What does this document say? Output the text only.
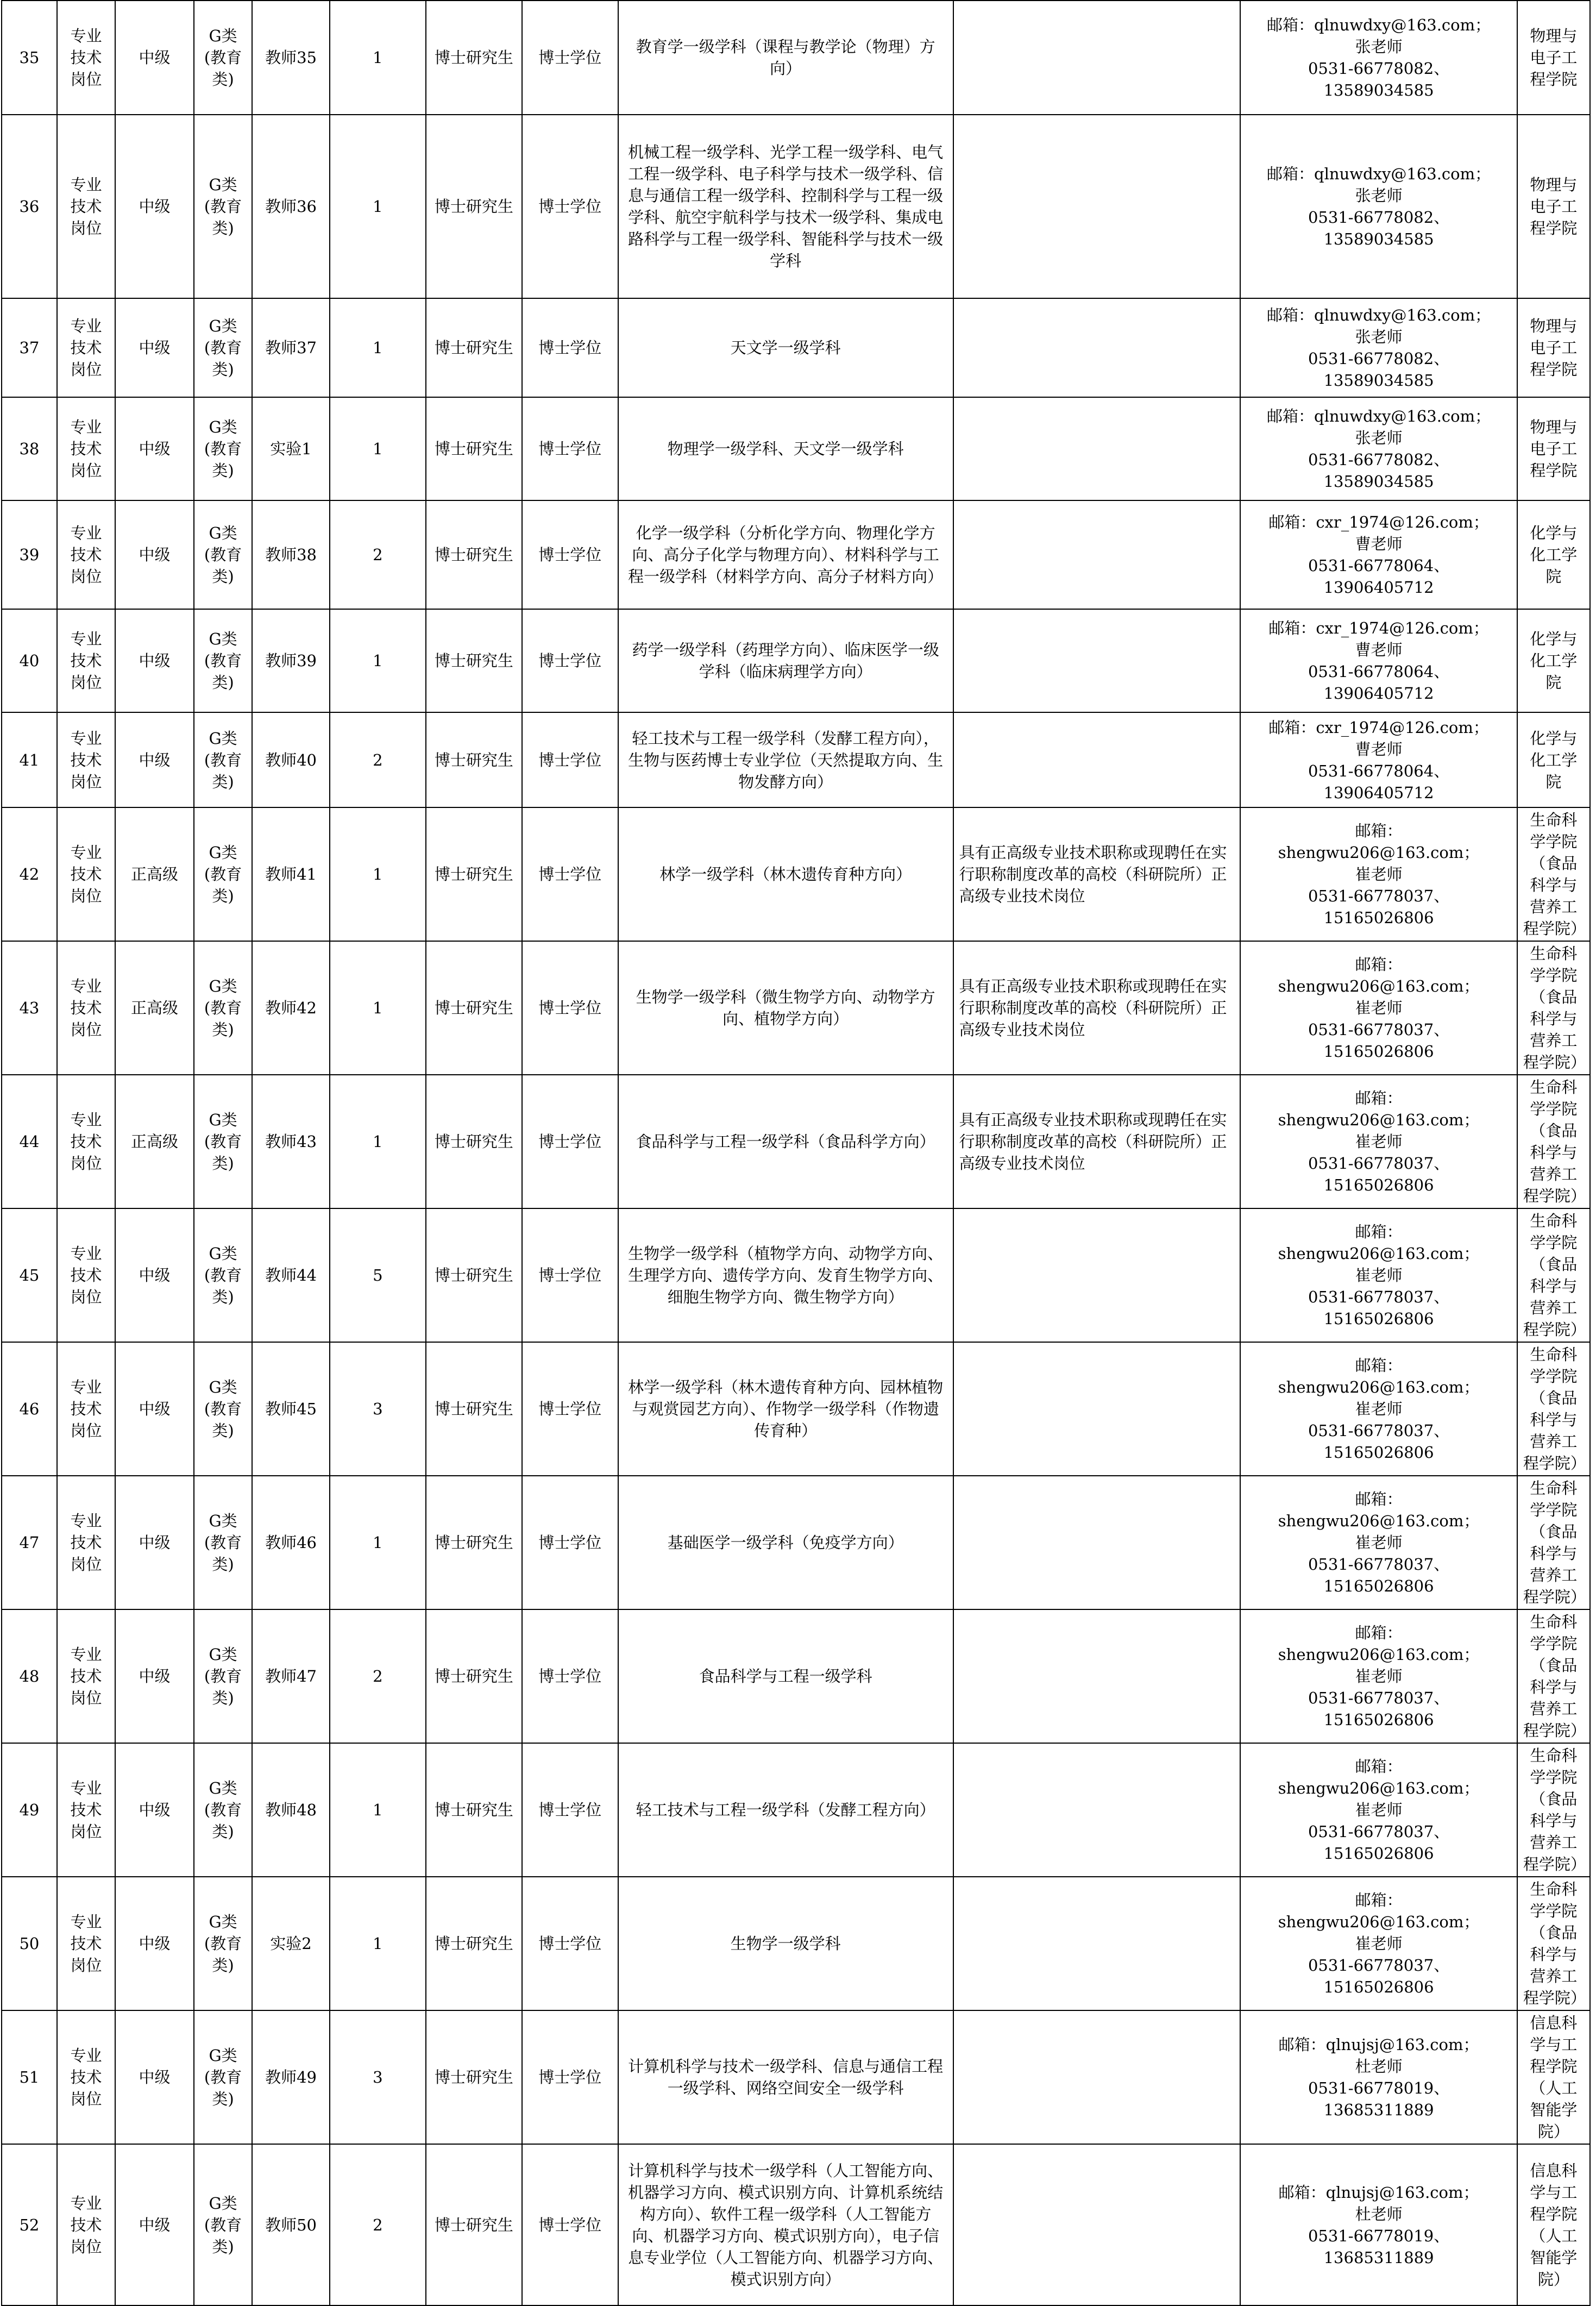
35	专业技术岗位	中级	G类(教育类)	教师35	1	博士研究生	博士学位	教育学一级学科（课程与教学论（物理）方向）		邮箱：qlnuwdxy@163.com；
张老师
0531-66778082、
13589034585	物理与电子工程学院
36	专业技术岗位	中级	G类(教育类)	教师36	1	博士研究生	博士学位	机械工程一级学科、光学工程一级学科、电气工程一级学科、电子科学与技术一级学科、信息与通信工程一级学科、控制科学与工程一级学科、航空宇航科学与技术一级学科、集成电路科学与工程一级学科、智能科学与技术一级学科		邮箱：qlnuwdxy@163.com；
张老师
0531-66778082、
13589034585	物理与电子工程学院
37	专业技术岗位	中级	G类(教育类)	教师37	1	博士研究生	博士学位	天文学一级学科		邮箱：qlnuwdxy@163.com；
张老师
0531-66778082、
13589034585	物理与电子工程学院
38	专业技术岗位	中级	G类(教育类)	实验1	1	博士研究生	博士学位	物理学一级学科、天文学一级学科		邮箱：qlnuwdxy@163.com；
张老师
0531-66778082、
13589034585	物理与电子工程学院
39	专业技术岗位	中级	G类(教育类)	教师38	2	博士研究生	博士学位	化学一级学科（分析化学方向、物理化学方向、高分子化学与物理方向）、材料科学与工程一级学科（材料学方向、高分子材料方向）		邮箱：cxr_1974@126.com；
曹老师
0531-66778064、
13906405712	化学与化工学院
40	专业技术岗位	中级	G类(教育类)	教师39	1	博士研究生	博士学位	药学一级学科（药理学方向）、临床医学一级学科（临床病理学方向）		邮箱：cxr_1974@126.com；
曹老师
0531-66778064、
13906405712	化学与化工学院
41	专业技术岗位	中级	G类(教育类)	教师40	2	博士研究生	博士学位	轻工技术与工程一级学科（发酵工程方向），生物与医药博士专业学位（天然提取方向、生物发酵方向）		邮箱：cxr_1974@126.com；
曹老师
0531-66778064、
13906405712	化学与化工学院
42	专业技术岗位	正高级	G类(教育类)	教师41	1	博士研究生	博士学位	林学一级学科（林木遗传育种方向）	具有正高级专业技术职称或现聘任在实行职称制度改革的高校（科研院所）正高级专业技术岗位	邮箱：
shengwu206@163.com；
崔老师
0531-66778037、
15165026806	生命科学学院（食品科学与营养工程学院）
43	专业技术岗位	正高级	G类(教育类)	教师42	1	博士研究生	博士学位	生物学一级学科（微生物学方向、动物学方向、植物学方向）	具有正高级专业技术职称或现聘任在实行职称制度改革的高校（科研院所）正高级专业技术岗位	邮箱：
shengwu206@163.com；
崔老师
0531-66778037、
15165026806	生命科学学院（食品科学与营养工程学院）
44	专业技术岗位	正高级	G类(教育类)	教师43	1	博士研究生	博士学位	食品科学与工程一级学科（食品科学方向）	具有正高级专业技术职称或现聘任在实行职称制度改革的高校（科研院所）正高级专业技术岗位	邮箱：
shengwu206@163.com；
崔老师
0531-66778037、
15165026806	生命科学学院（食品科学与营养工程学院）
45	专业技术岗位	中级	G类(教育类)	教师44	5	博士研究生	博士学位	生物学一级学科（植物学方向、动物学方向、生理学方向、遗传学方向、发育生物学方向、细胞生物学方向、微生物学方向）		邮箱：
shengwu206@163.com；
崔老师
0531-66778037、
15165026806	生命科学学院（食品科学与营养工程学院）
46	专业技术岗位	中级	G类(教育类)	教师45	3	博士研究生	博士学位	林学一级学科（林木遗传育种方向、园林植物与观赏园艺方向）、作物学一级学科（作物遗传育种）		邮箱：
shengwu206@163.com；
崔老师
0531-66778037、
15165026806	生命科学学院（食品科学与营养工程学院）
47	专业技术岗位	中级	G类(教育类)	教师46	1	博士研究生	博士学位	基础医学一级学科（免疫学方向）		邮箱：
shengwu206@163.com；
崔老师
0531-66778037、
15165026806	生命科学学院（食品科学与营养工程学院）
48	专业技术岗位	中级	G类(教育类)	教师47	2	博士研究生	博士学位	食品科学与工程一级学科		邮箱：
shengwu206@163.com；
崔老师
0531-66778037、
15165026806	生命科学学院（食品科学与营养工程学院）
49	专业技术岗位	中级	G类(教育类)	教师48	1	博士研究生	博士学位	轻工技术与工程一级学科（发酵工程方向）		邮箱：
shengwu206@163.com；
崔老师
0531-66778037、
15165026806	生命科学学院（食品科学与营养工程学院）
50	专业技术岗位	中级	G类(教育类)	实验2	1	博士研究生	博士学位	生物学一级学科		邮箱：
shengwu206@163.com；
崔老师
0531-66778037、
15165026806	生命科学学院（食品科学与营养工程学院）
51	专业技术岗位	中级	G类(教育类)	教师49	3	博士研究生	博士学位	计算机科学与技术一级学科、信息与通信工程一级学科、网络空间安全一级学科		邮箱：qlnujsj@163.com；
杜老师
0531-66778019、
13685311889	信息科学与工程学院（人工智能学院）
52	专业技术岗位	中级	G类(教育类)	教师50	2	博士研究生	博士学位	计算机科学与技术一级学科（人工智能方向、机器学习方向、模式识别方向、计算机系统结构方向）、软件工程一级学科（人工智能方向、机器学习方向、模式识别方向），电子信息专业学位（人工智能方向、机器学习方向、模式识别方向）		邮箱：qlnujsj@163.com；
杜老师
0531-66778019、
13685311889	信息科学与工程学院（人工智能学院）
